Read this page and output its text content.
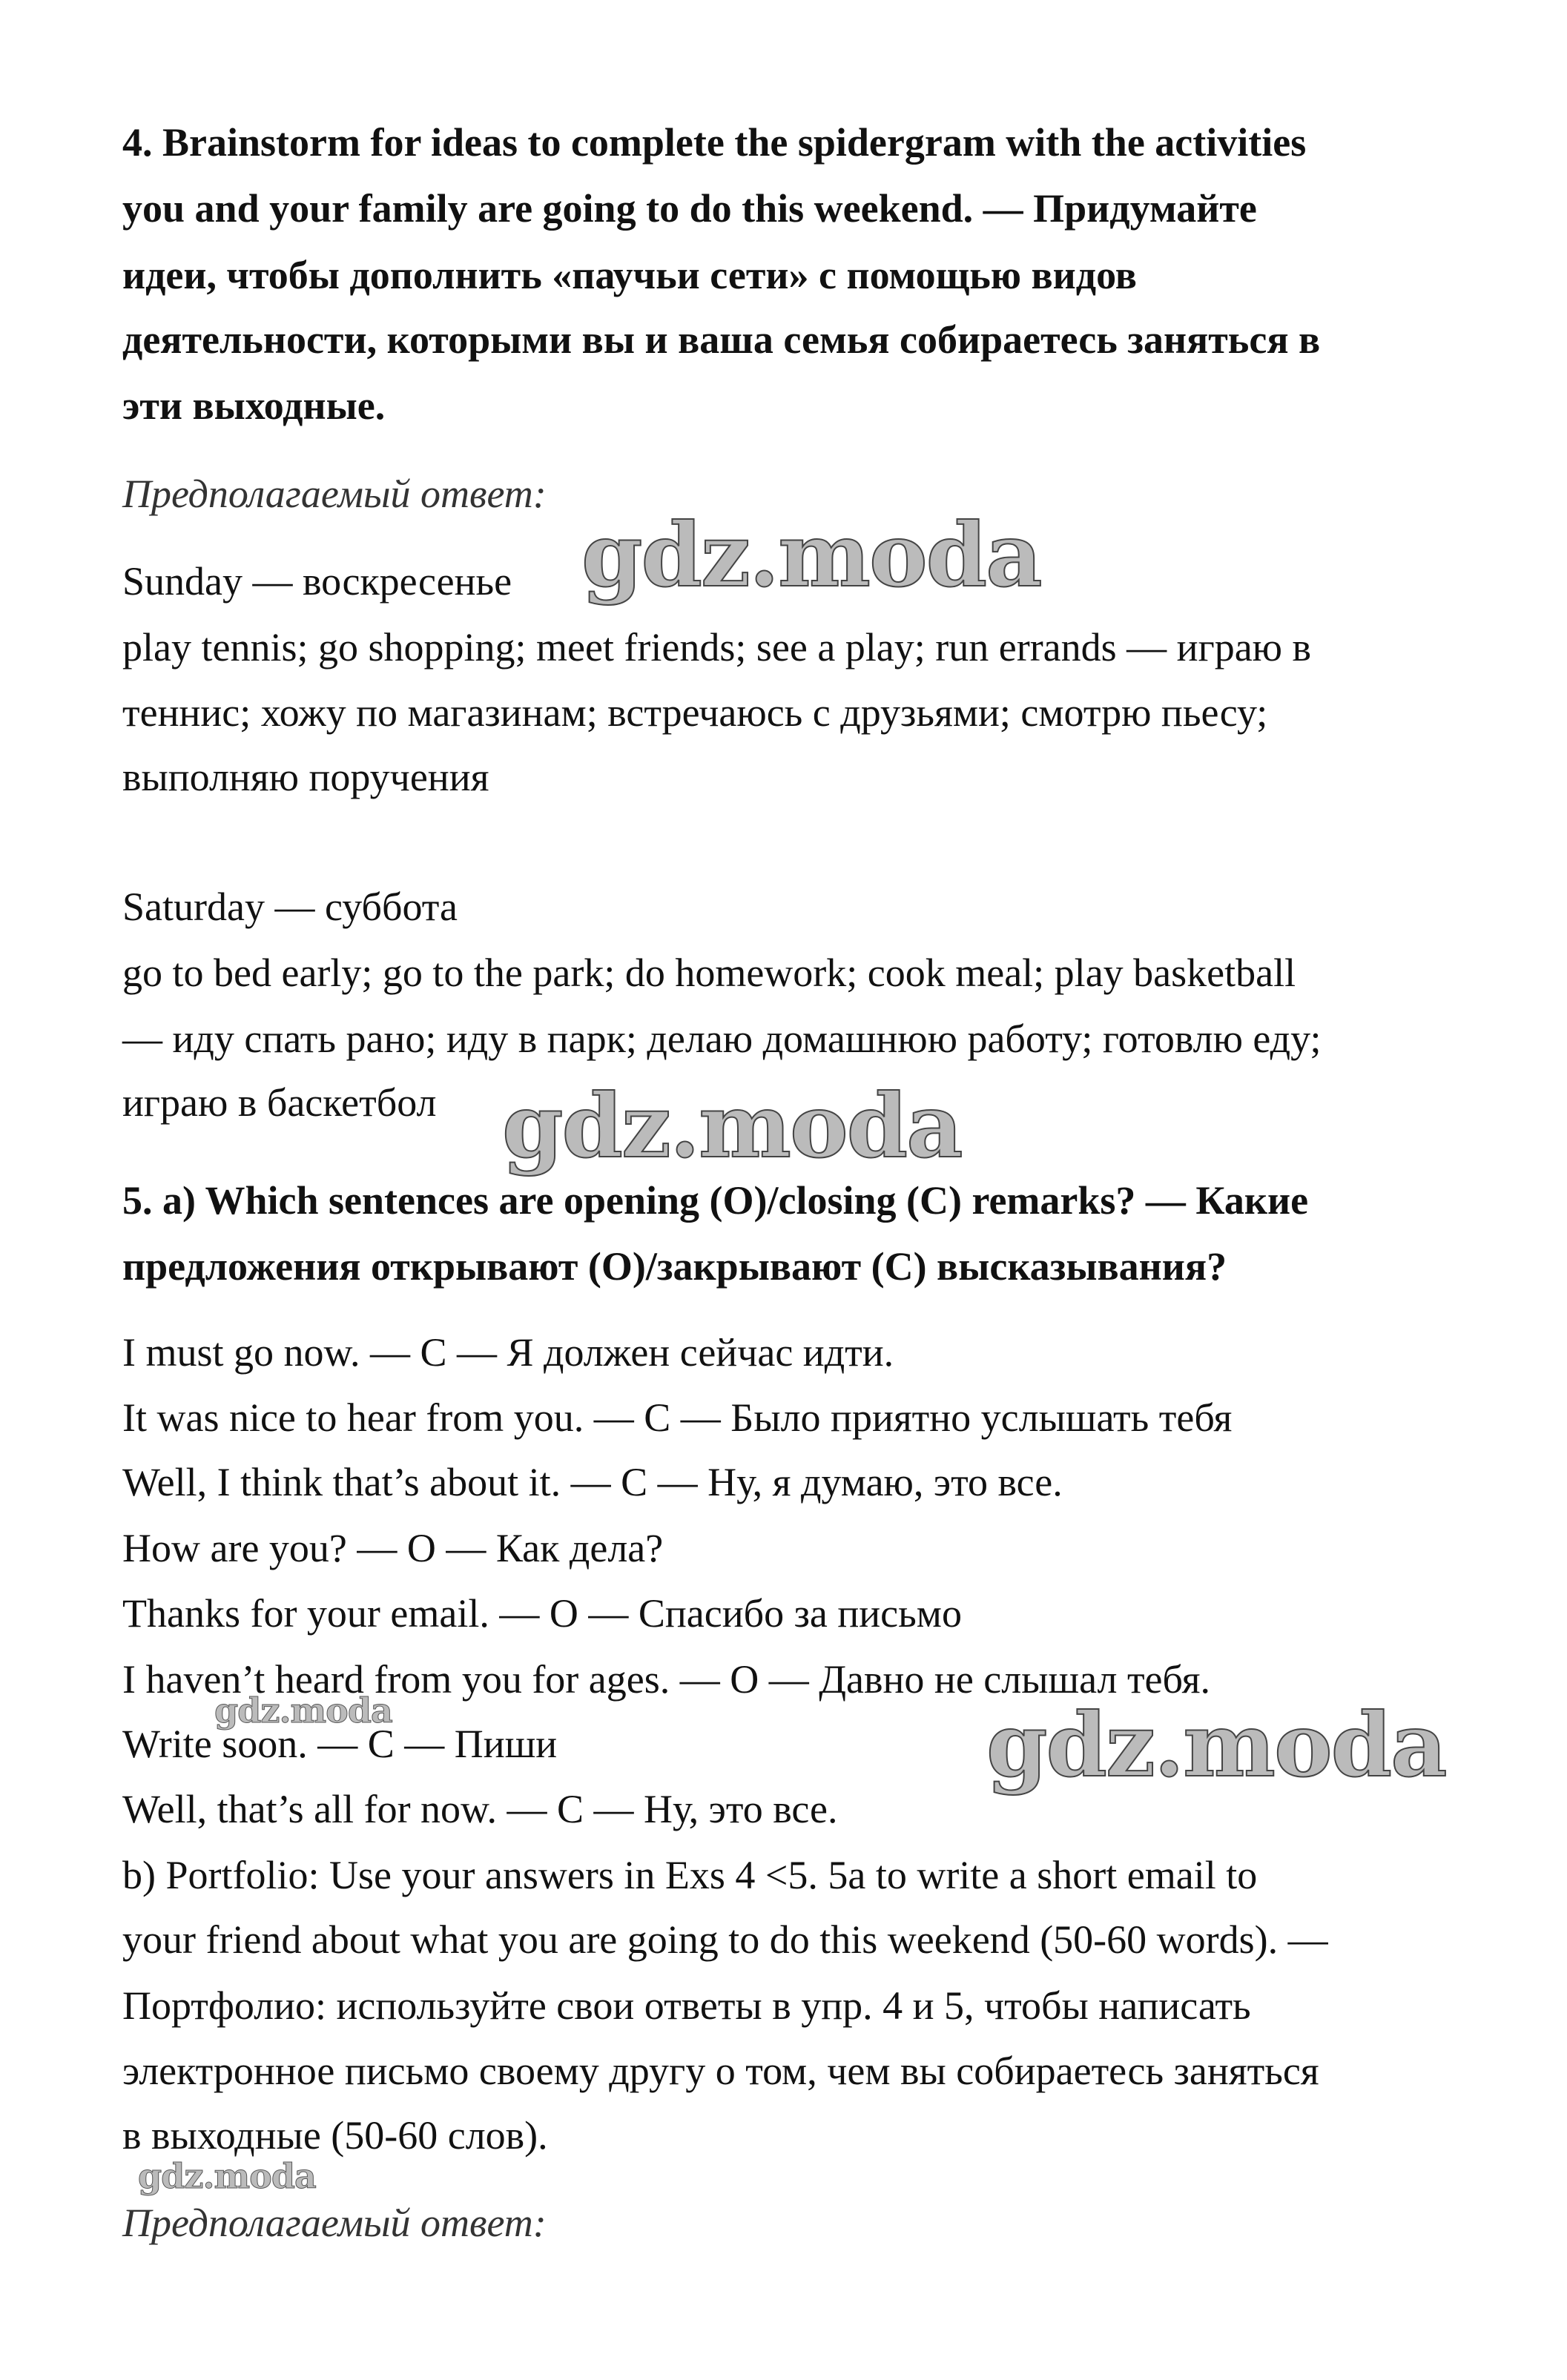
4. Brainstorm for ideas to complete the spidergram with the activities
you and your family are going to do this weekend. — Придумайте
идеи, чтобы дополнить «паучьи сети» с помощью видов
деятельности, которыми вы и ваша семья собираетесь заняться в
эти выходные.
Предполагаемый ответ:
Sunday — воскресенье
play tennis; go shopping; meet friends; see a play; run errands — играю в
теннис; хожу по магазинам; встречаюсь с друзьями; смотрю пьесу;
выполняю поручения
Saturday — суббота
go to bed early; go to the park; do homework; cook meal; play basketball
— иду спать рано; иду в парк; делаю домашнюю работу; готовлю еду;
играю в баскетбол
5. a) Which sentences are opening (O)/closing (C) remarks? — Какие
предложения открывают (O)/закрывают (C) высказывания?
I must go now. — C — Я должен сейчас идти.
It was nice to hear from you. — C — Было приятно услышать тебя
Well, I think that’s about it. — C — Ну, я думаю, это все.
How are you? — O — Как дела?
Thanks for your email. — O — Спасибо за письмо
I haven’t heard from you for ages. — O — Давно не слышал тебя.
Write soon. — C — Пиши
Well, that’s all for now. — C — Ну, это все.
b) Portfolio: Use your answers in Exs 4 <5. 5a to write a short email to
your friend about what you are going to do this weekend (50-60 words). —
Портфолио: используйте свои ответы в упр. 4 и 5, чтобы написать
электронное письмо своему другу о том, чем вы собираетесь заняться
в выходные (50-60 слов).
Предполагаемый ответ:
gdz.moda
gdz.moda
gdz.moda
gdz.moda
gdz.moda
